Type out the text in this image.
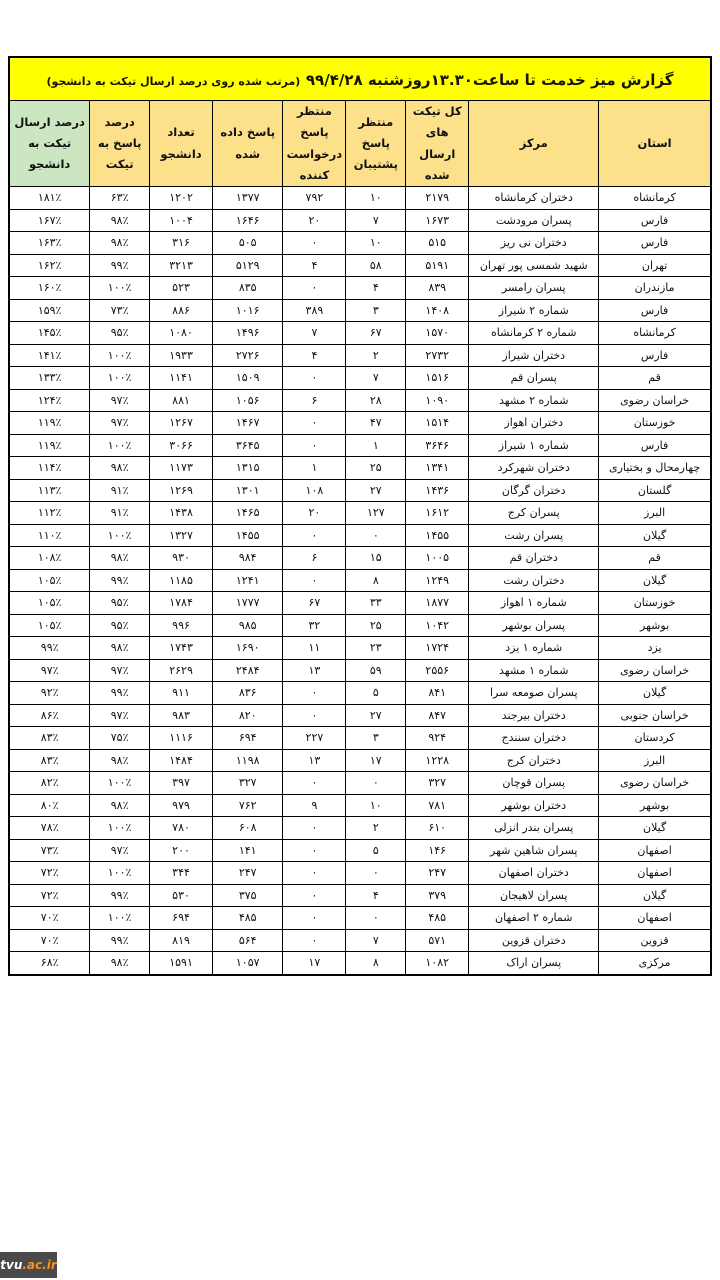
گزارش میز خدمت تا ساعت۱۳.۳۰روزشنبه ۹۹/۴/۲۸ (مرتب شده روی درصد ارسال تیکت به دانشجو)								
استان	مرکز	کل تیکت های ارسال شده	منتظر پاسخ پشتیبان	منتظر پاسخ درخواست کننده	پاسخ داده شده	تعداد دانشجو	درصد پاسخ به تیکت	درصد ارسال تیکت به دانشجو
کرمانشاه	دختران کرمانشاه	۲۱۷۹	۱۰	۷۹۲	۱۳۷۷	۱۲۰۲	۶۳٪	۱۸۱٪
فارس	پسران مرودشت	۱۶۷۳	۷	۲۰	۱۶۴۶	۱۰۰۴	۹۸٪	۱۶۷٪
فارس	دختران نی ریز	۵۱۵	۱۰	۰	۵۰۵	۳۱۶	۹۸٪	۱۶۳٪
تهران	شهید شمسی پور تهران	۵۱۹۱	۵۸	۴	۵۱۲۹	۳۲۱۳	۹۹٪	۱۶۲٪
مازندران	پسران رامسر	۸۳۹	۴	۰	۸۳۵	۵۲۳	۱۰۰٪	۱۶۰٪
فارس	شماره ۲ شیراز	۱۴۰۸	۳	۳۸۹	۱۰۱۶	۸۸۶	۷۳٪	۱۵۹٪
کرمانشاه	شماره ۲ کرمانشاه	۱۵۷۰	۶۷	۷	۱۴۹۶	۱۰۸۰	۹۵٪	۱۴۵٪
فارس	دختران شیراز	۲۷۳۲	۲	۴	۲۷۲۶	۱۹۳۳	۱۰۰٪	۱۴۱٪
قم	پسران قم	۱۵۱۶	۷	۰	۱۵۰۹	۱۱۴۱	۱۰۰٪	۱۳۳٪
خراسان رضوی	شماره ۲ مشهد	۱۰۹۰	۲۸	۶	۱۰۵۶	۸۸۱	۹۷٪	۱۲۴٪
خوزستان	دختران اهواز	۱۵۱۴	۴۷	۰	۱۴۶۷	۱۲۶۷	۹۷٪	۱۱۹٪
فارس	شماره ۱ شیراز	۳۶۴۶	۱	۰	۳۶۴۵	۳۰۶۶	۱۰۰٪	۱۱۹٪
چهارمحال و بختیاری	دختران شهرکرد	۱۳۴۱	۲۵	۱	۱۳۱۵	۱۱۷۳	۹۸٪	۱۱۴٪
گلستان	دختران گرگان	۱۴۳۶	۲۷	۱۰۸	۱۳۰۱	۱۲۶۹	۹۱٪	۱۱۳٪
البرز	پسران کرج	۱۶۱۲	۱۲۷	۲۰	۱۴۶۵	۱۴۳۸	۹۱٪	۱۱۲٪
گیلان	پسران رشت	۱۴۵۵	۰	۰	۱۴۵۵	۱۳۲۷	۱۰۰٪	۱۱۰٪
قم	دختران قم	۱۰۰۵	۱۵	۶	۹۸۴	۹۳۰	۹۸٪	۱۰۸٪
گیلان	دختران رشت	۱۲۴۹	۸	۰	۱۲۴۱	۱۱۸۵	۹۹٪	۱۰۵٪
خوزستان	شماره ۱ اهواز	۱۸۷۷	۳۳	۶۷	۱۷۷۷	۱۷۸۴	۹۵٪	۱۰۵٪
بوشهر	پسران بوشهر	۱۰۴۲	۲۵	۳۲	۹۸۵	۹۹۶	۹۵٪	۱۰۵٪
یزد	شماره ۱ یزد	۱۷۲۴	۲۳	۱۱	۱۶۹۰	۱۷۴۳	۹۸٪	۹۹٪
خراسان رضوی	شماره ۱ مشهد	۲۵۵۶	۵۹	۱۳	۲۴۸۴	۲۶۲۹	۹۷٪	۹۷٪
گیلان	پسران صومعه سرا	۸۴۱	۵	۰	۸۳۶	۹۱۱	۹۹٪	۹۲٪
خراسان جنوبی	دختران بیرجند	۸۴۷	۲۷	۰	۸۲۰	۹۸۳	۹۷٪	۸۶٪
کردستان	دختران سنندج	۹۲۴	۳	۲۲۷	۶۹۴	۱۱۱۶	۷۵٪	۸۳٪
البرز	دختران کرج	۱۲۲۸	۱۷	۱۳	۱۱۹۸	۱۴۸۴	۹۸٪	۸۳٪
خراسان رضوی	پسران قوچان	۳۲۷	۰	۰	۳۲۷	۳۹۷	۱۰۰٪	۸۲٪
بوشهر	دختران بوشهر	۷۸۱	۱۰	۹	۷۶۲	۹۷۹	۹۸٪	۸۰٪
گیلان	پسران بندر انزلی	۶۱۰	۲	۰	۶۰۸	۷۸۰	۱۰۰٪	۷۸٪
اصفهان	پسران شاهین شهر	۱۴۶	۵	۰	۱۴۱	۲۰۰	۹۷٪	۷۳٪
اصفهان	دختران اصفهان	۲۴۷	۰	۰	۲۴۷	۳۴۴	۱۰۰٪	۷۲٪
گیلان	پسران لاهیجان	۳۷۹	۴	۰	۳۷۵	۵۳۰	۹۹٪	۷۲٪
اصفهان	شماره ۲ اصفهان	۴۸۵	۰	۰	۴۸۵	۶۹۴	۱۰۰٪	۷۰٪
قزوین	دختران قزوین	۵۷۱	۷	۰	۵۶۴	۸۱۹	۹۹٪	۷۰٪
مرکزی	پسران اراک	۱۰۸۲	۸	۱۷	۱۰۵۷	۱۵۹۱	۹۸٪	۶۸٪
tvu .ac.ir
